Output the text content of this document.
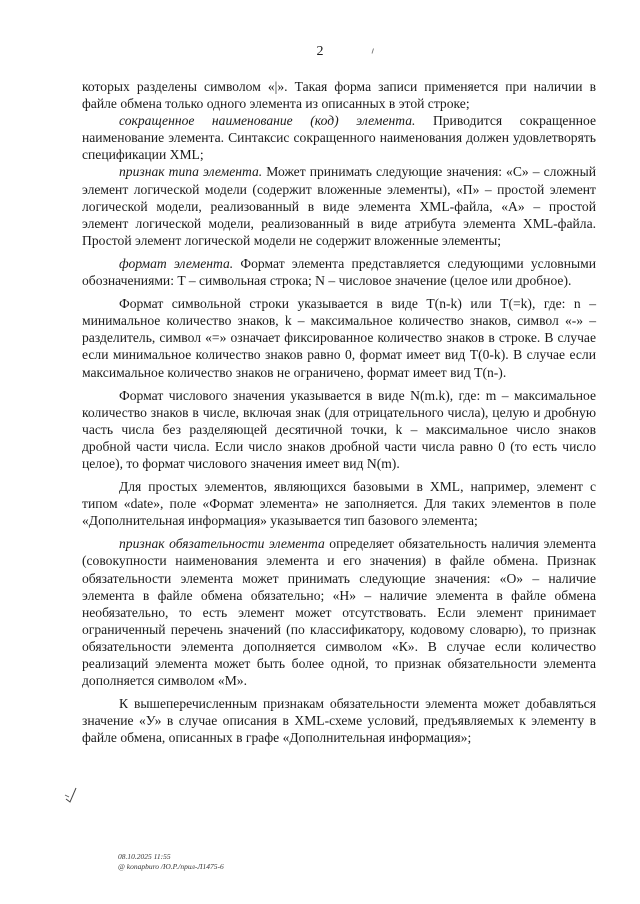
2

которых разделены символом «|». Такая форма записи применяется при наличии в файле обмена только одного элемента из описанных в этой строке;

сокращенное наименование (код) элемента. Приводится сокращенное наименование элемента. Синтаксис сокращенного наименования должен удовлетворять спецификации XML;

признак типа элемента. Может принимать следующие значения: «С» – сложный элемент логической модели (содержит вложенные элементы), «П» – простой элемент логической модели, реализованный в виде элемента XML-файла, «А» – простой элемент логической модели, реализованный в виде атрибута элемента XML-файла. Простой элемент логической модели не содержит вложенные элементы;

формат элемента. Формат элемента представляется следующими условными обозначениями: T – символьная строка; N – числовое значение (целое или дробное).

Формат символьной строки указывается в виде T(n-k) или T(=k), где: n – минимальное количество знаков, k – максимальное количество знаков, символ «-» – разделитель, символ «=» означает фиксированное количество знаков в строке. В случае если минимальное количество знаков равно 0, формат имеет вид T(0-k). В случае если максимальное количество знаков не ограничено, формат имеет вид T(n-).

Формат числового значения указывается в виде N(m.k), где: m – максимальное количество знаков в числе, включая знак (для отрицательного числа), целую и дробную часть числа без разделяющей десятичной точки, k – максимальное число знаков дробной части числа. Если число знаков дробной части числа равно 0 (то есть число целое), то формат числового значения имеет вид N(m).

Для простых элементов, являющихся базовыми в XML, например, элемент с типом «date», поле «Формат элемента» не заполняется. Для таких элементов в поле «Дополнительная информация» указывается тип базового элемента;

признак обязательности элемента определяет обязательность наличия элемента (совокупности наименования элемента и его значения) в файле обмена. Признак обязательности элемента может принимать следующие значения: «О» – наличие элемента в файле обмена обязательно; «Н» – наличие элемента в файле обмена необязательно, то есть элемент может отсутствовать. Если элемент принимает ограниченный перечень значений (по классификатору, кодовому словарю), то признак обязательности элемента дополняется символом «К». В случае если количество реализаций элемента может быть более одной, то признак обязательности элемента дополняется символом «М».

К вышеперечисленным признакам обязательности элемента может добавляться значение «У» в случае описания в XML-схеме условий, предъявляемых к элементу в файле обмена, описанных в графе «Дополнительная информация»;

08.10.2025 11:55
@ konapburo /Ю.Р./прил-Л1475-6
